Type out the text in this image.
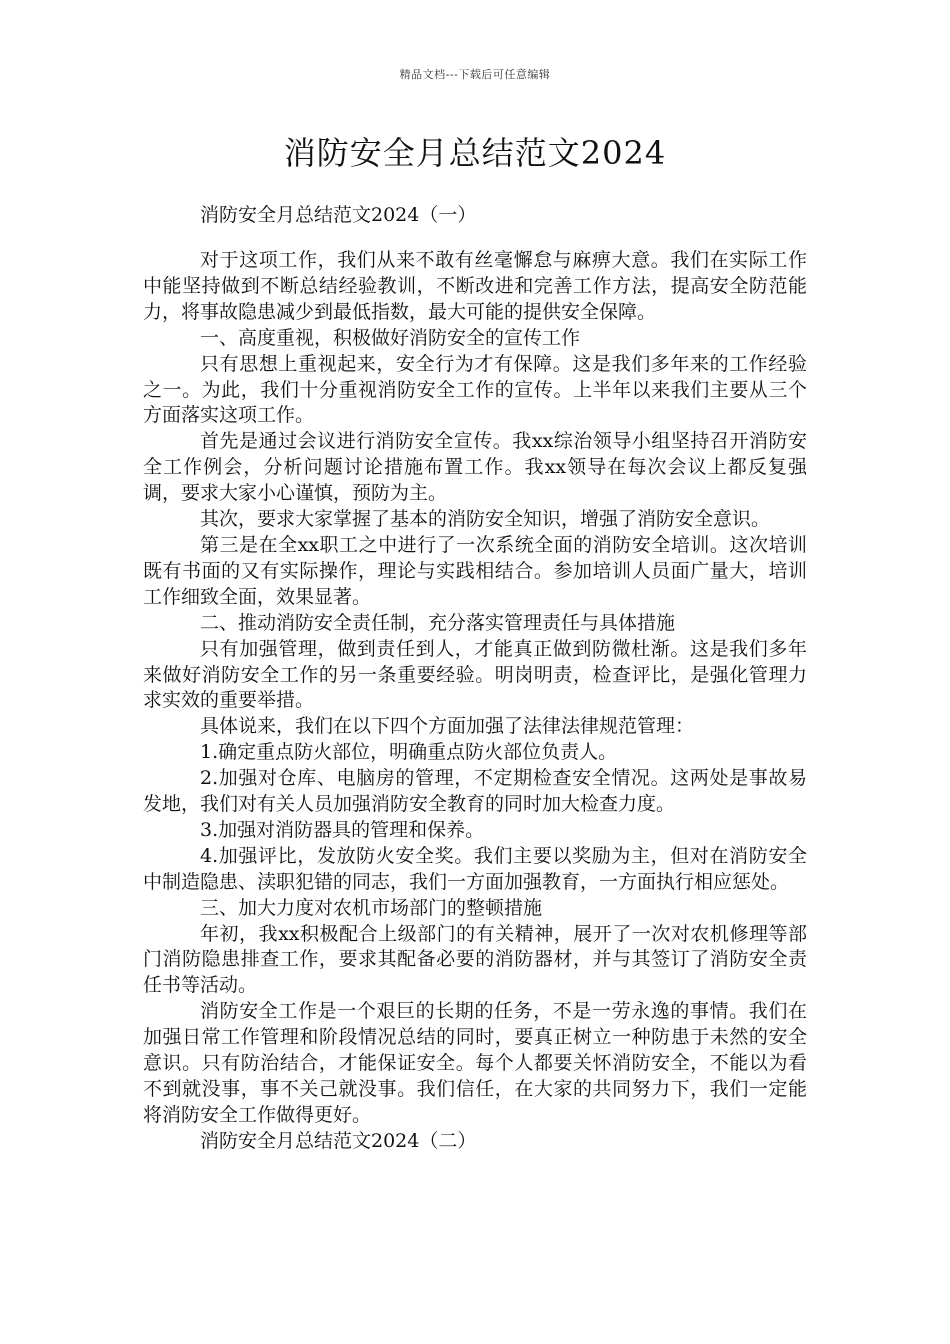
精品文档---下载后可任意编辑
消防安全月总结范文2024

消防安全月总结范文2024（一）

对于这项工作，我们从来不敢有丝毫懈怠与麻痹大意。我们在实际工作中能坚持做到不断总结经验教训，不断改进和完善工作方法，提高安全防范能力，将事故隐患减少到最低指数，最大可能的提供安全保障。

一、高度重视，积极做好消防安全的宣传工作

只有思想上重视起来，安全行为才有保障。这是我们多年来的工作经验之一。为此，我们十分重视消防安全工作的宣传。上半年以来我们主要从三个方面落实这项工作。

首先是通过会议进行消防安全宣传。我xx综治领导小组坚持召开消防安全工作例会，分析问题讨论措施布置工作。我xx领导在每次会议上都反复强调，要求大家小心谨慎，预防为主。

其次，要求大家掌握了基本的消防安全知识，增强了消防安全意识。

第三是在全xx职工之中进行了一次系统全面的消防安全培训。这次培训既有书面的又有实际操作，理论与实践相结合。参加培训人员面广量大，培训工作细致全面，效果显著。

二、推动消防安全责任制，充分落实管理责任与具体措施

只有加强管理，做到责任到人，才能真正做到防微杜渐。这是我们多年来做好消防安全工作的另一条重要经验。明岗明责，检查评比，是强化管理力求实效的重要举措。

具体说来，我们在以下四个方面加强了法律法律规范管理：

1.确定重点防火部位，明确重点防火部位负责人。

2.加强对仓库、电脑房的管理，不定期检查安全情况。这两处是事故易发地，我们对有关人员加强消防安全教育的同时加大检查力度。

3.加强对消防器具的管理和保养。

4.加强评比，发放防火安全奖。我们主要以奖励为主，但对在消防安全中制造隐患、渎职犯错的同志，我们一方面加强教育，一方面执行相应惩处。

三、加大力度对农机市场部门的整顿措施

年初，我xx积极配合上级部门的有关精神，展开了一次对农机修理等部门消防隐患排查工作，要求其配备必要的消防器材，并与其签订了消防安全责任书等活动。

消防安全工作是一个艰巨的长期的任务，不是一劳永逸的事情。我们在加强日常工作管理和阶段情况总结的同时，要真正树立一种防患于未然的安全意识。只有防治结合，才能保证安全。每个人都要关怀消防安全，不能以为看不到就没事，事不关己就没事。我们信任，在大家的共同努力下，我们一定能将消防安全工作做得更好。

消防安全月总结范文2024（二）
